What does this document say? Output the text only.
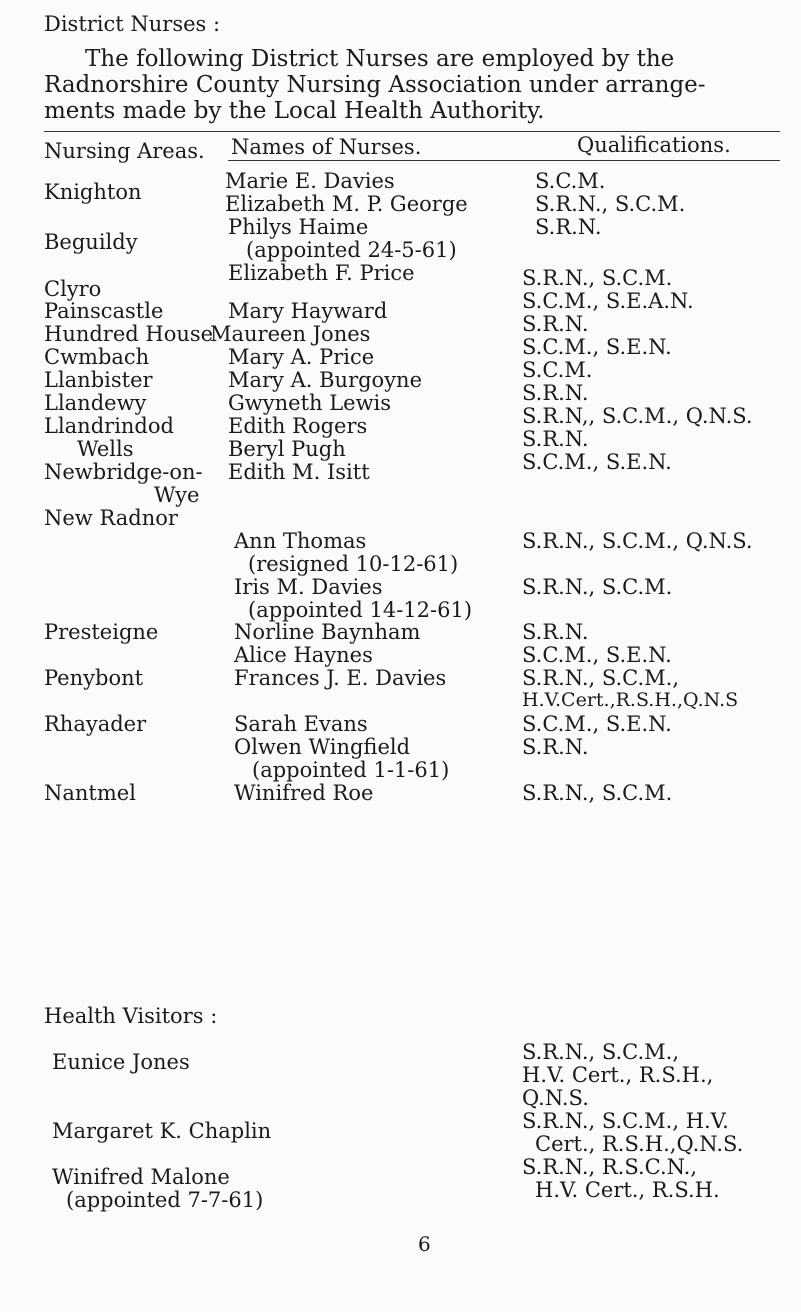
District Nurses :
The following District Nurses are employed by the
Radnorshire County Nursing Association under arrange-
ments made by the Local Health Authority.
Nursing Areas. Names of Nurses.	Qualifications.
Knighton
Beguildy
Clyro
Painscastle
Hundred House
Cwmbach
Llanbister
Llandewy
Llandrindod
Wells
Newbridge-on-
Wye
New Radnor
Presteigne
Penybont
Rhayader
Nantmel
Marie E. Davies
Elizabeth M. P. George
Philys Haime
(appointed 24-5-61)
Elizabeth F. Price
Mary Hayward
Maureen Jones
Mary A. Price
Mary A. Burgoyne
Gwyneth Lewis
Edith Rogers
Beryl Pugh
Edith M. Isitt
Ann Thomas
(resigned 10-12-61)
Iris M. Davies
(appointed 14-12-61)
Norline Baynham
Alice Haynes
Frances J. E. Davies
Sarah Evans
Olwen Wingfield
(appointed 1-1-61)
Winifred Roe
S.C.M.
S.R.N., S.C.M.
S.R.N.
S.R.N., S.C.M.
S.C.M., S.E.A.N.
S.R.N.
S.C.M., S.E.N.
S.C.M.
S.R.N.
S.R.N,, S.C.M., Q.N.S.
S.R.N.
S.C.M., S.E.N.
S.R.N., S.C.M., Q.N.S.
S.R.N., S.C.M.
S.R.N.
S.C.M., S.E.N.
S.R.N., S.C.M.,
H.V.Cert.,R.S.H.,Q.N.S
S.C.M., S.E.N.
S.R.N.
S.R.N., S.C.M.
Health Visitors :
Eunice Jones
Margaret K. Chaplin
Winifred Malone
(appointed 7-7-61)
S.R.N., S.C.M.,
H.V. Cert., R.S.H.,
Q.N.S.
S.R.N., S.C.M., H.V.
Cert., R.S.H.,Q.N.S.
S.R.N., R.S.C.N.,
H.V. Cert., R.S.H.
6
